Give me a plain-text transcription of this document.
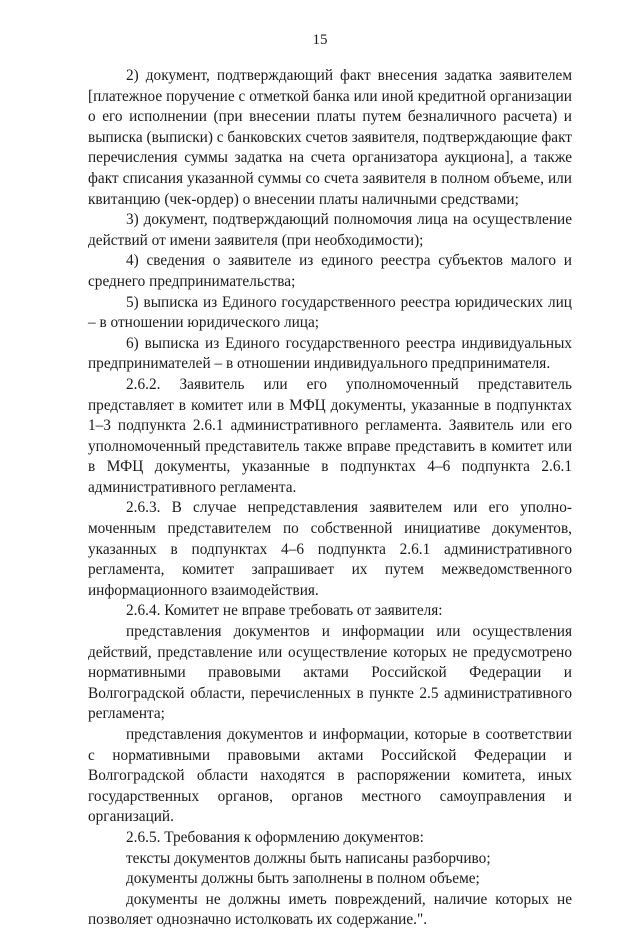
15

2) документ, подтверждающий факт внесения задатка заявителем [платежное поручение с отметкой банка или иной кредитной организации о его исполнении (при внесении платы путем безналичного расчета) и выписка (выписки) с банковских счетов заявителя, подтверждающие факт перечисления суммы задатка на счета организатора аукциона], а также факт списания указанной суммы со счета заявителя в полном объеме, или квитанцию (чек-ордер) о внесении платы наличными средствами;

3) документ, подтверждающий полномочия лица на осуществление действий от имени заявителя (при необходимости);

4) сведения о заявителе из единого реестра субъектов малого и среднего предпринимательства;

5) выписка из Единого государственного реестра юридических лиц – в отношении юридического лица;

6) выписка из Единого государственного реестра индивидуальных предпринимателей – в отношении индивидуального предпринимателя.

2.6.2. Заявитель или его уполномоченный представитель представляет в комитет или в МФЦ документы, указанные в подпунктах 1–3 подпункта 2.6.1 административного регламента. Заявитель или его уполномоченный представитель также вправе представить в комитет или в МФЦ документы, указанные в подпунктах 4–6 подпункта 2.6.1 административного регламента.

2.6.3. В случае непредставления заявителем или его уполно-моченным представителем по собственной инициативе документов, указанных в подпунктах 4–6 подпункта 2.6.1 административного регламента, комитет запрашивает их путем межведомственного информационного взаимодействия.

2.6.4. Комитет не вправе требовать от заявителя:

представления документов и информации или осуществления действий, представление или осуществление которых не предусмотрено нормативными правовыми актами Российской Федерации и Волгоградской области, перечисленных в пункте 2.5 административного регламента;

представления документов и информации, которые в соответствии с нормативными правовыми актами Российской Федерации и Волгоградской области находятся в распоряжении комитета, иных государственных органов, органов местного самоуправления и организаций.

2.6.5. Требования к оформлению документов:

тексты документов должны быть написаны разборчиво;

документы должны быть заполнены в полном объеме;

документы не должны иметь повреждений, наличие которых не позволяет однозначно истолковать их содержание.".
